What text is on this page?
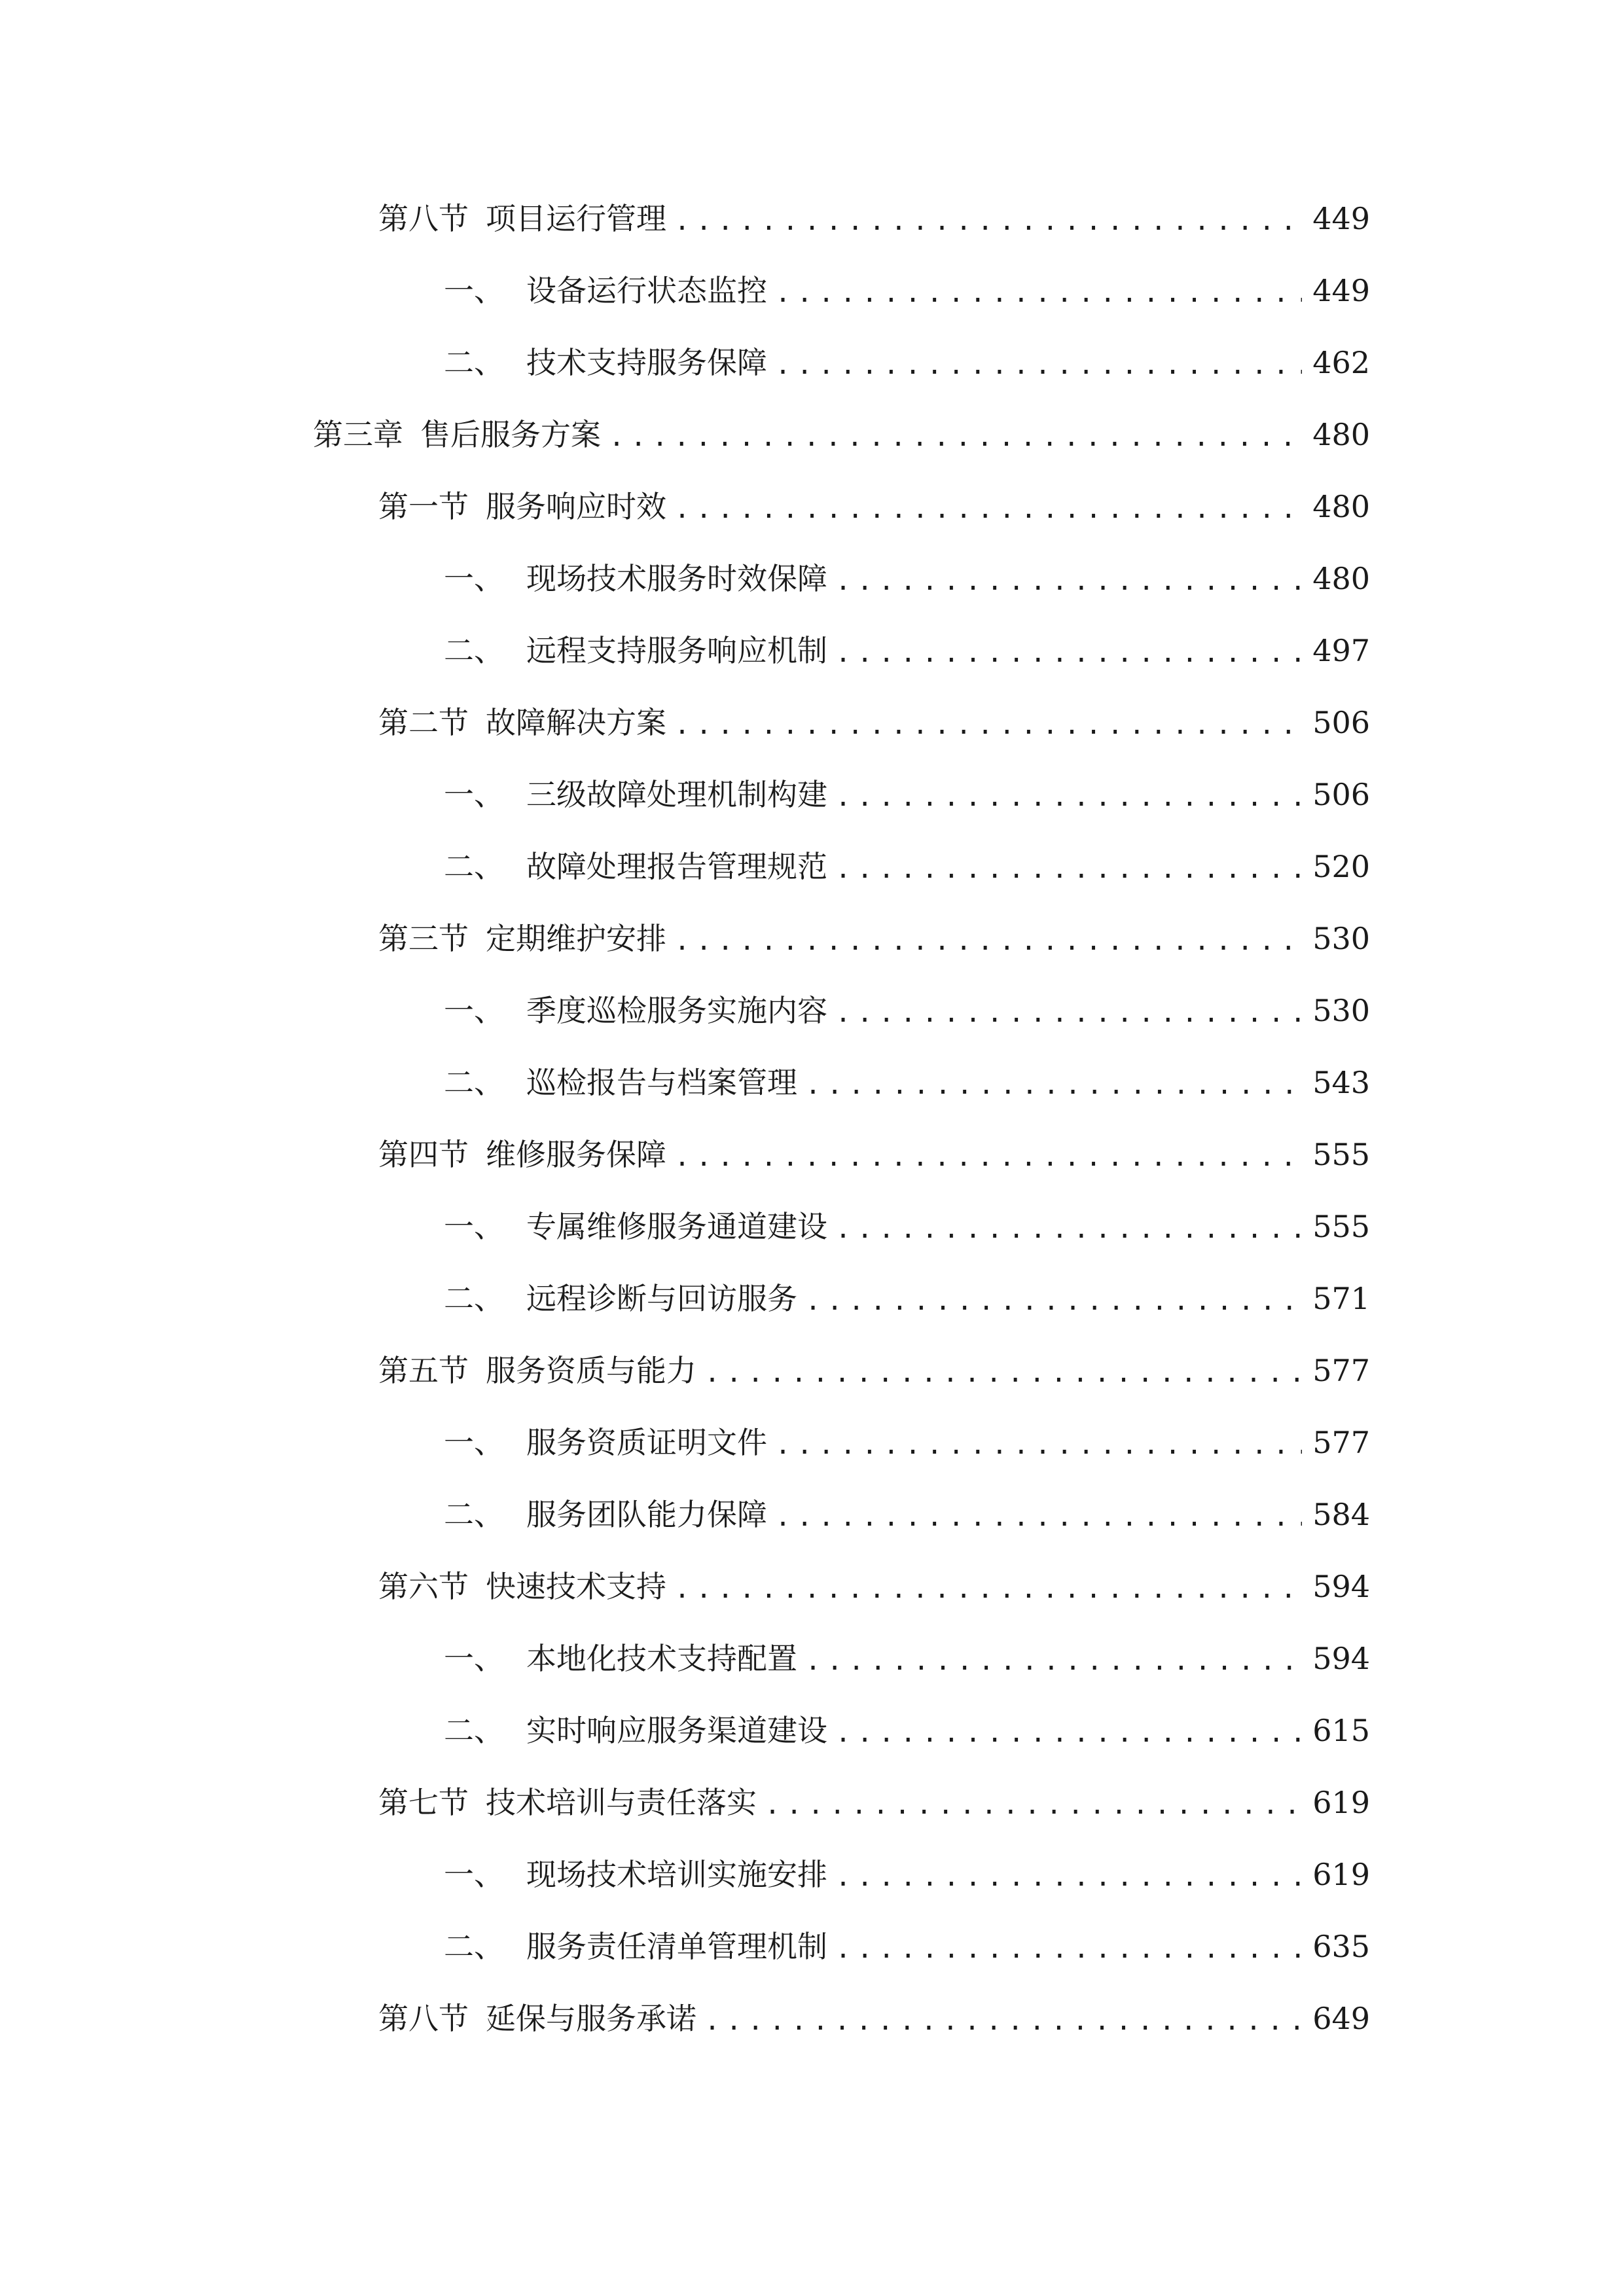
第八节 项目运行管理 .....	449
一、 设备运行状态监控 .....	449
二、 技术支持服务保障 .....	462
第三章 售后服务方案 .....	480
第一节 服务响应时效 .....	480
一、 现场技术服务时效保障 .....	480
二、 远程支持服务响应机制 .....	497
第二节 故障解决方案 .....	506
一、 三级故障处理机制构建 .....	506
二、 故障处理报告管理规范 .....	520
第三节 定期维护安排 .....	530
一、 季度巡检服务实施内容 .....	530
二、 巡检报告与档案管理 .....	543
第四节 维修服务保障 .....	555
一、 专属维修服务通道建设 .....	555
二、 远程诊断与回访服务 .....	571
第五节 服务资质与能力 .....	577
一、 服务资质证明文件 .....	577
二、 服务团队能力保障 .....	584
第六节 快速技术支持 .....	594
一、 本地化技术支持配置 .....	594
二、 实时响应服务渠道建设 .....	615
第七节 技术培训与责任落实 .....	619
一、 现场技术培训实施安排 .....	619
二、 服务责任清单管理机制 .....	635
第八节 延保与服务承诺 .....	649
